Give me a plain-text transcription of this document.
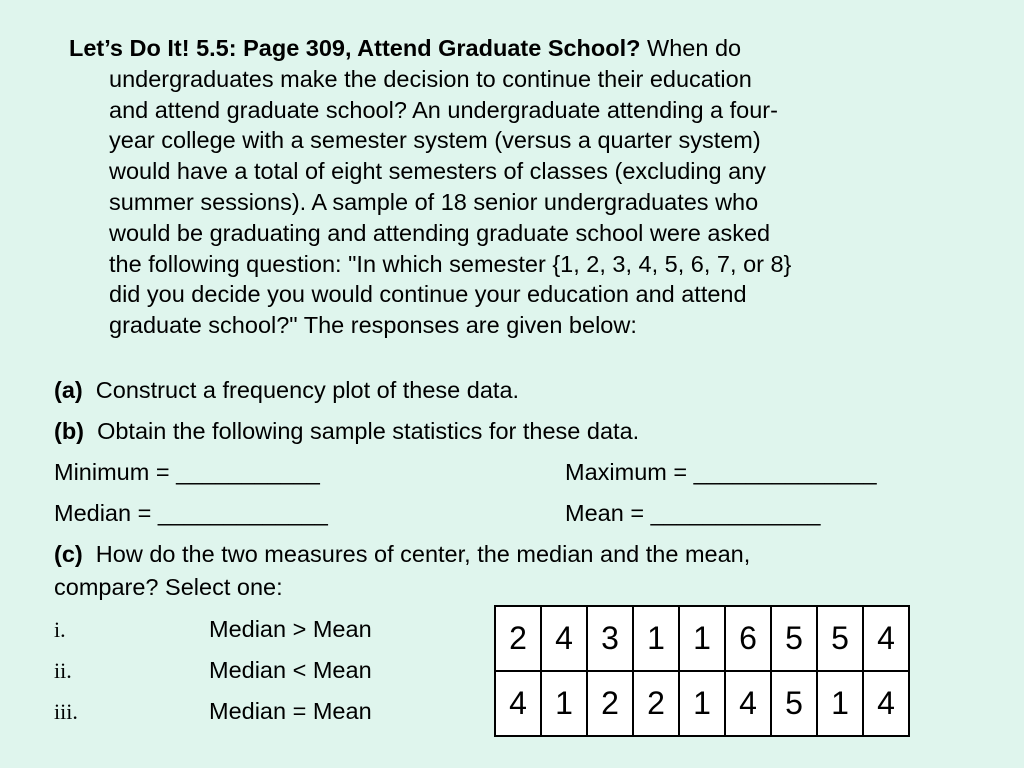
Let’s Do It! 5.5: Page 309, Attend Graduate School? When do
undergraduates make the decision to continue their education
and attend graduate school? An undergraduate attending a four-
year college with a semester system (versus a quarter system)
would have a total of eight semesters of classes (excluding any
summer sessions). A sample of 18 senior undergraduates who
would be graduating and attending graduate school were asked
the following question: "In which semester {1, 2, 3, 4, 5, 6, 7, or 8}
did you decide you would continue your education and attend
graduate school?" The responses are given below:
(a) Construct a frequency plot of these data.
(b) Obtain the following sample statistics for these data.
Minimum = ___________	Maximum = ______________
Median = _____________	Mean = _____________
(c) How do the two measures of center, the median and the mean,
compare? Select one:
i.	Median > Mean
ii.	Median < Mean
iii.	Median = Mean
2	4	3	1	1	6	5	5	4
4	1	2	2	1	4	5	1	4
